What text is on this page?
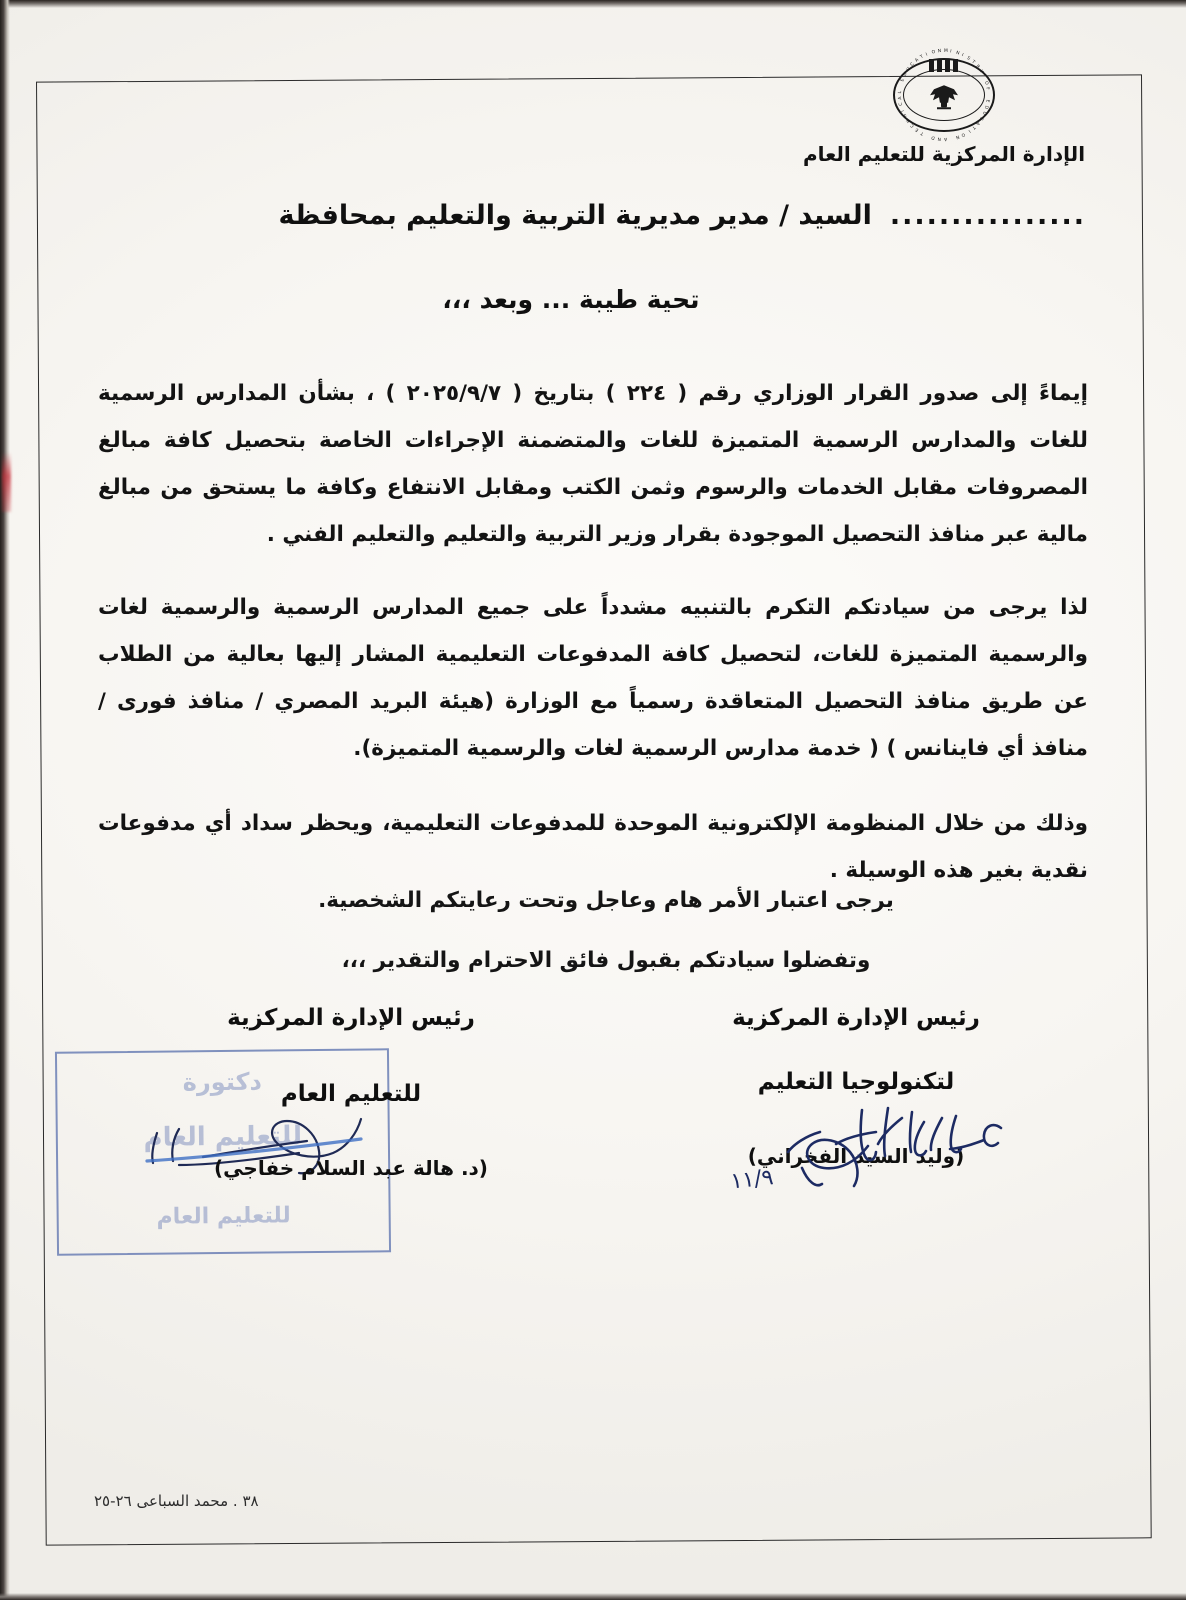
M I N I
S
T
R
Y
O
F
E
D
U
C
A
T
I
O
N
A
N
D
T
E
C
H
N
I
C
A
L
E
D
U
C
A
T I O N
الإدارة المركزية للتعليم العام
................
السيد / مدير مديرية التربية والتعليم بمحافظة
تحية طيبة ... وبعد ،،،

إيماءً إلى صدور القرار الوزاري رقم ( ٢٢٤ ) بتاريخ ( ٢٠٢٥/٩/٧ ) ، بشأن المدارس الرسمية للغات والمدارس الرسمية المتميزة للغات والمتضمنة الإجراءات الخاصة بتحصيل كافة مبالغ المصروفات مقابل الخدمات والرسوم وثمن الكتب ومقابل الانتفاع وكافة ما يستحق من مبالغ مالية عبر منافذ التحصيل الموجودة بقرار وزير التربية والتعليم والتعليم الفني .

لذا يرجى من سيادتكم التكرم بالتنبيه مشدداً على جميع المدارس الرسمية والرسمية لغات والرسمية المتميزة للغات، لتحصيل كافة المدفوعات التعليمية المشار إليها بعالية من الطلاب عن طريق منافذ التحصيل المتعاقدة رسمياً مع الوزارة (هيئة البريد المصري / منافذ فورى / منافذ أي فاينانس ) ( خدمة مدارس الرسمية لغات والرسمية المتميزة).

وذلك من خلال المنظومة الإلكترونية الموحدة للمدفوعات التعليمية، ويحظر سداد أي مدفوعات نقدية بغير هذه الوسيلة .

يرجى اعتبار الأمر هام وعاجل وتحت رعايتكم الشخصية.
وتفضلوا سيادتكم بقبول فائق الاحترام والتقدير ،،،
رئيس الإدارة المركزية
لتكنولوجيا التعليم
(وليد السيد الفخراني)
١١/٩
دكتورة
للتعليم العام
للتعليم العام
رئيس الإدارة المركزية
للتعليم العام
(د. هالة عبد السلام خفاجي)
٣٨ . محمد السباعى ٢٦-٢٥
